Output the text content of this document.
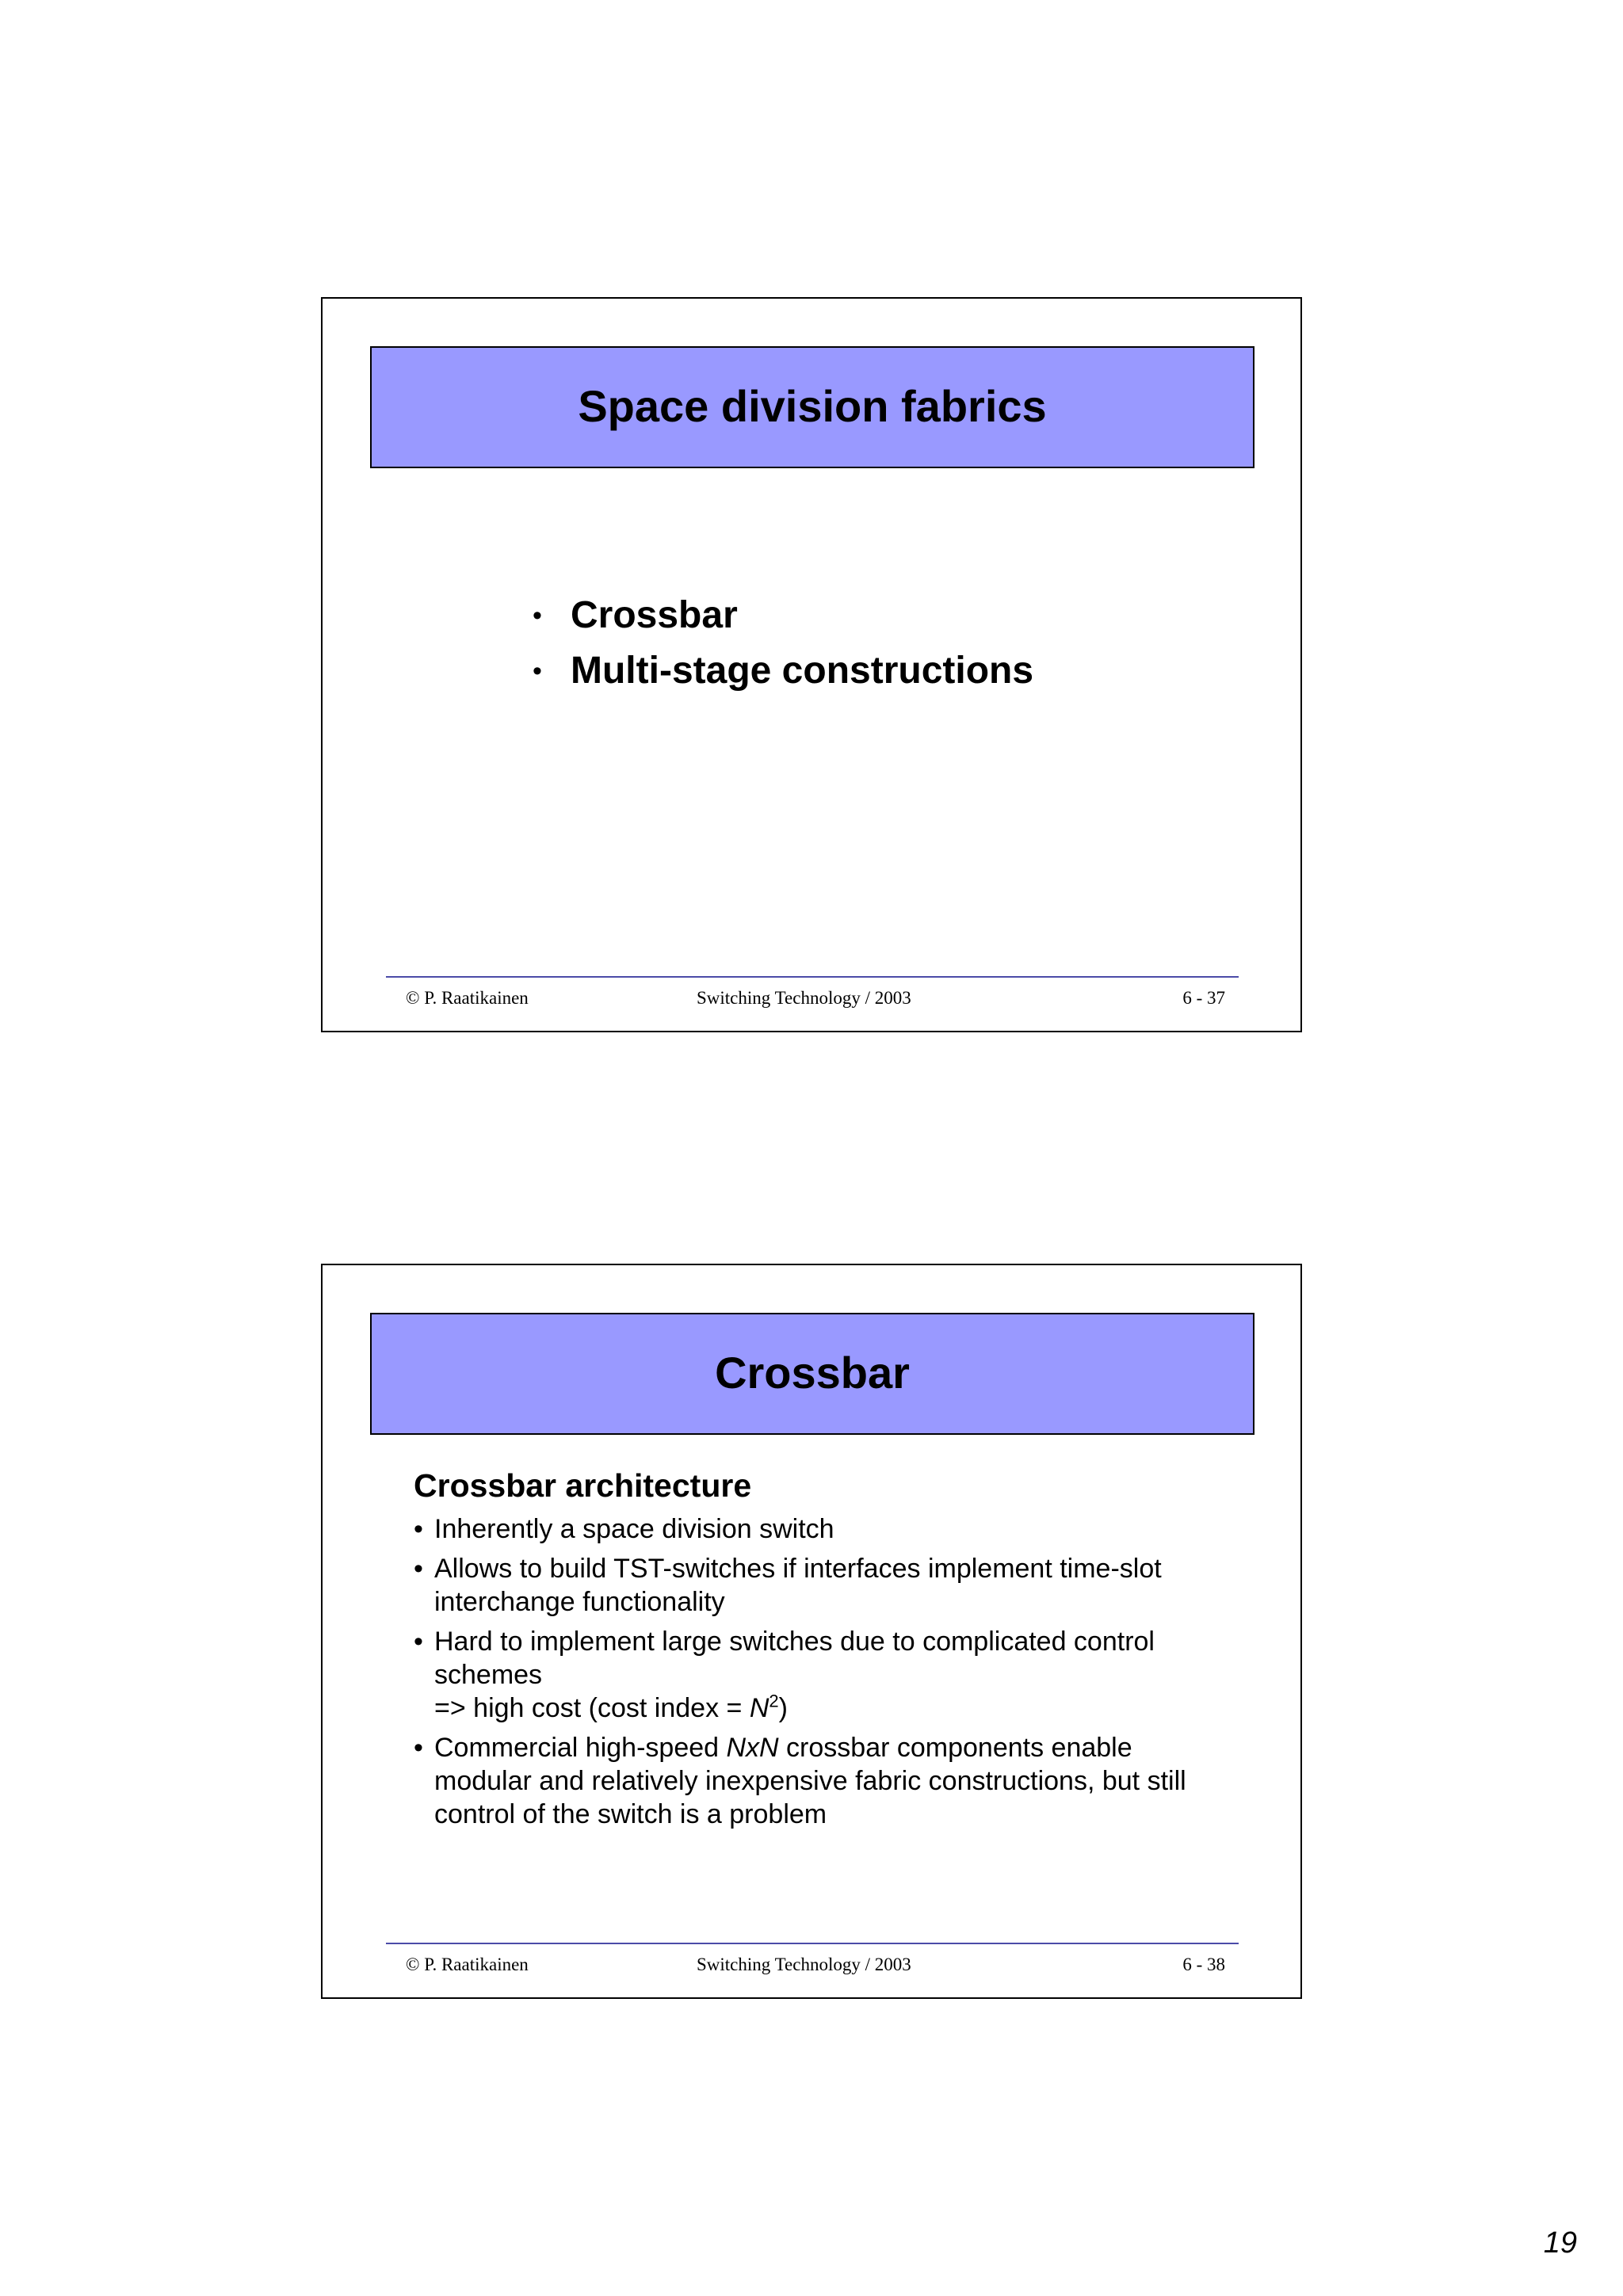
Space division fabrics
• Crossbar
• Multi-stage constructions
© P. Raatikainen	Switching Technology / 2003	6 - 37
Crossbar
Crossbar architecture
• Inherently a space division switch
• Allows to build TST-switches if interfaces implement time-slot interchange functionality
• Hard to implement large switches due to complicated control schemes
=> high cost (cost index = $N^2$)
• Commercial high-speed NxN crossbar components enable modular and relatively inexpensive fabric constructions, but still control of the switch is a problem
© P. Raatikainen	Switching Technology / 2003	6 - 38
19
